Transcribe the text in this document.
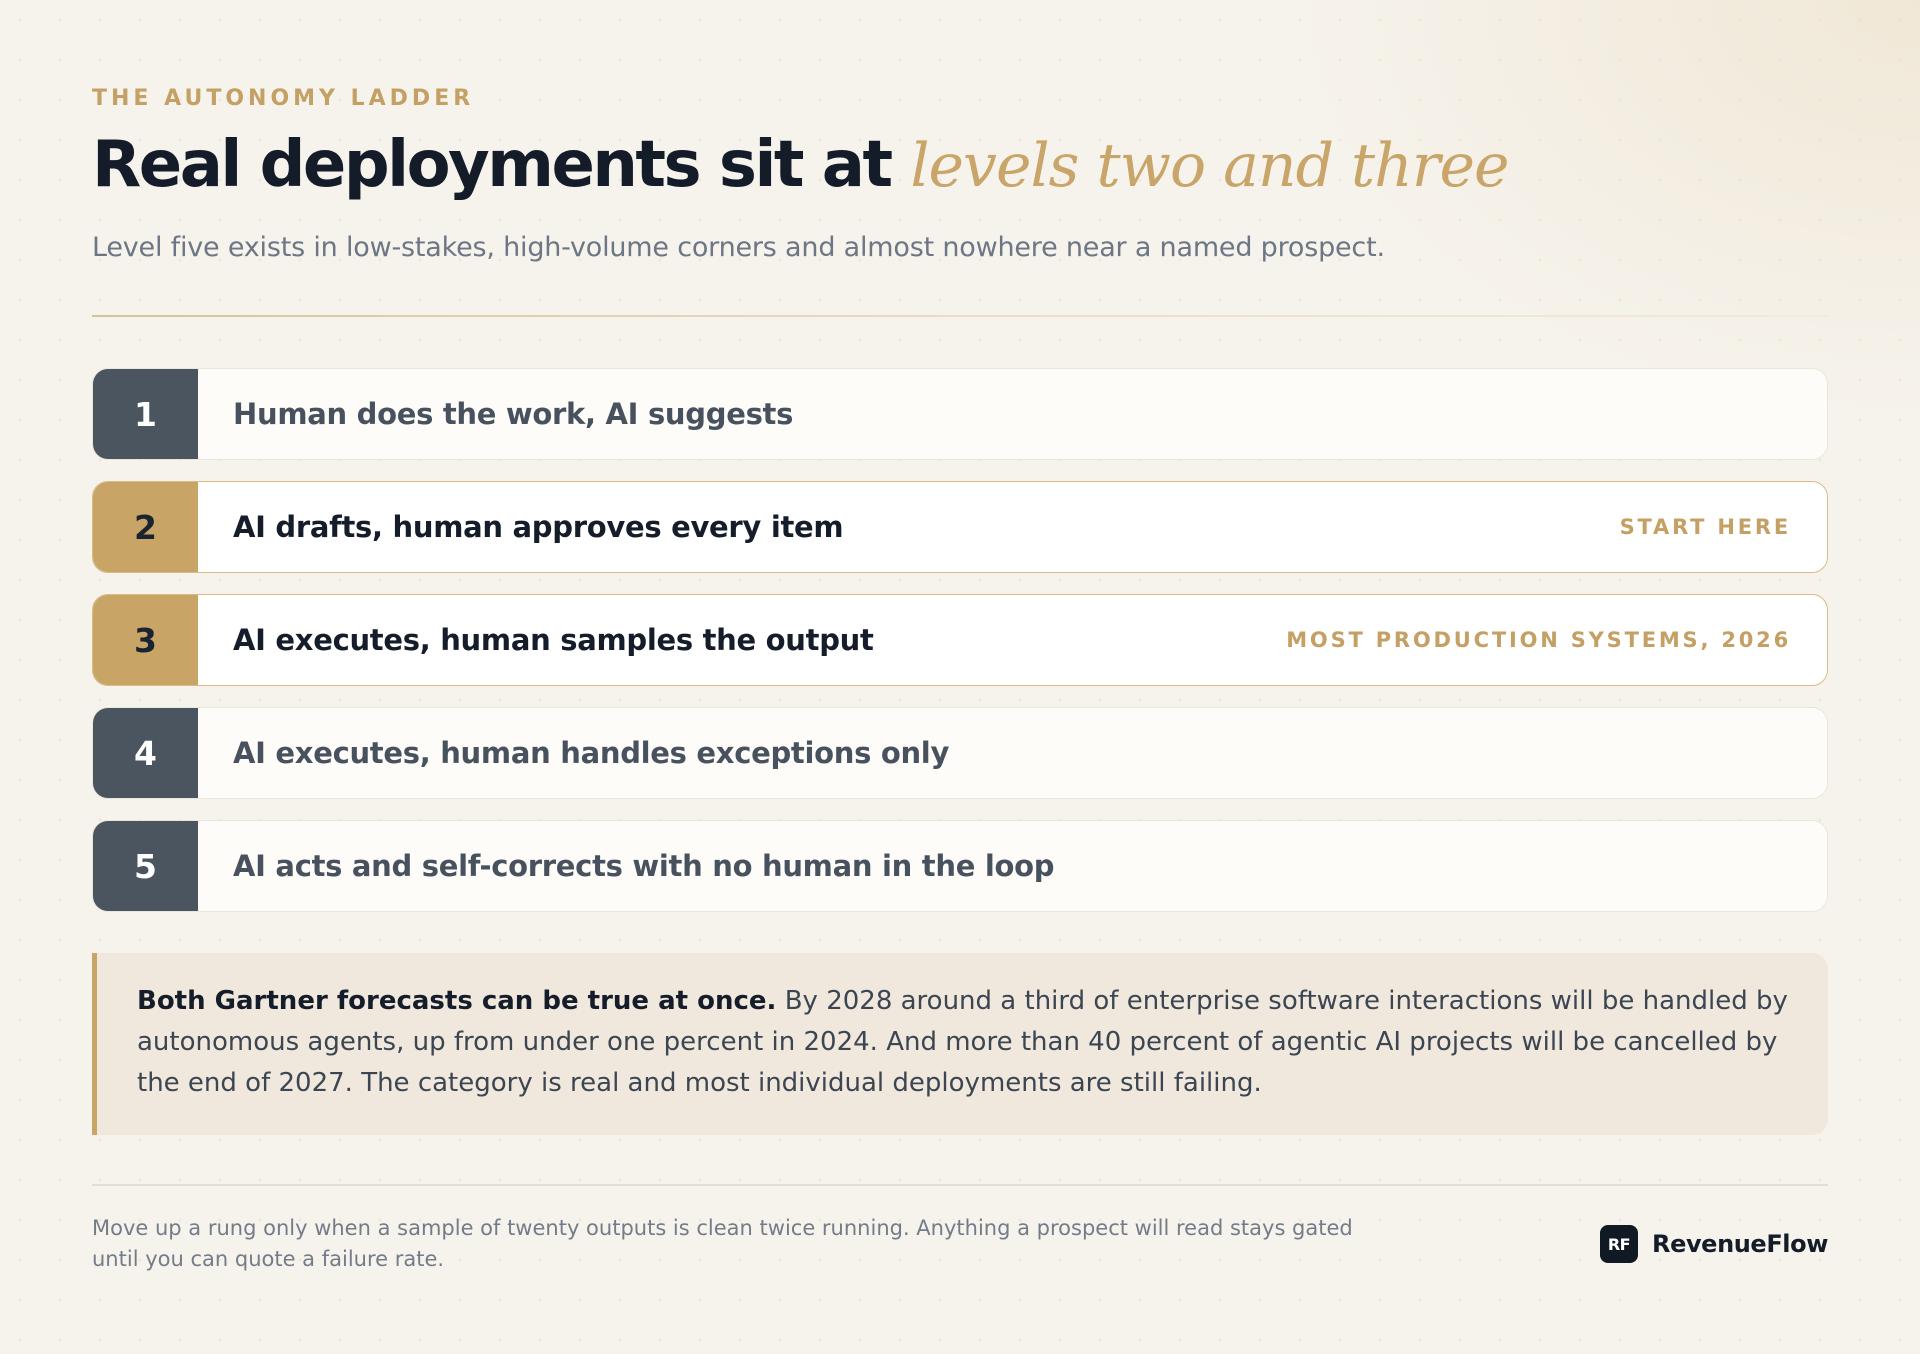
THE AUTONOMY LADDER
Real deployments sit at levels two and three

Level five exists in low-stakes, high-volume corners and almost nowhere near a named prospect.

1	Human does the work, AI suggests
2	AI drafts, human approves every item	START HERE
3	AI executes, human samples the output	MOST PRODUCTION SYSTEMS, 2026
4	AI executes, human handles exceptions only
5	AI acts and self-corrects with no human in the loop
Both Gartner forecasts can be true at once. By 2028 around a third of enterprise software interactions will be handled by autonomous agents, up from under one percent in 2024. And more than 40 percent of agentic AI projects will be cancelled by the end of 2027. The category is real and most individual deployments are still failing.

Move up a rung only when a sample of twenty outputs is clean twice running. Anything a prospect will read stays gated until you can quote a failure rate.

RF RevenueFlow
